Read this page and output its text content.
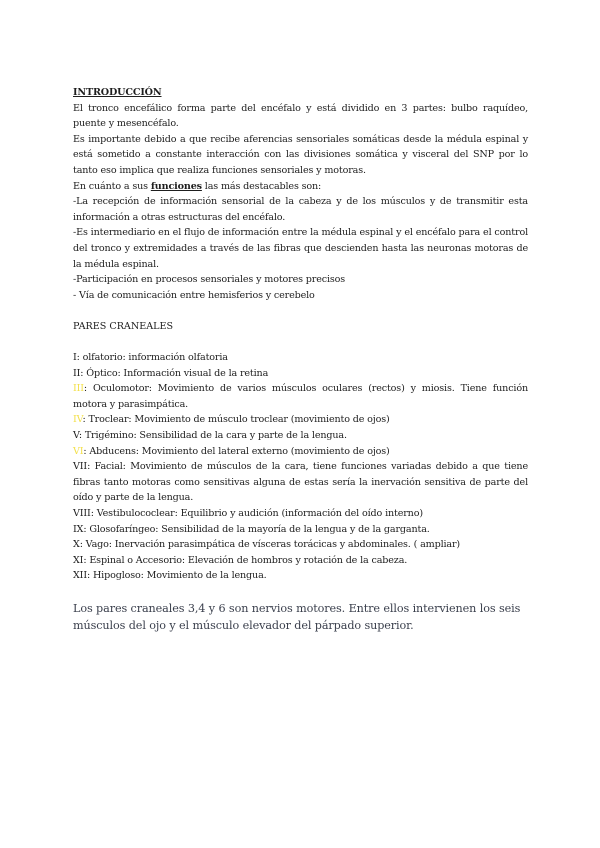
INTRODUCCIÓN

El tronco encefálico forma parte del encéfalo y está dividido en 3 partes: bulbo raquídeo, puente y mesencéfalo.

Es importante debido a que recibe aferencias sensoriales somáticas desde la médula espinal y está sometido a constante interacción con las divisiones somática y visceral del SNP por lo tanto eso implica que realiza funciones sensoriales y motoras.

En cuánto a sus funciones las más destacables son:

-La recepción de información sensorial de la cabeza y de los músculos y de transmitir esta información a otras estructuras del encéfalo.

-Es intermediario en el flujo de información entre la médula espinal y el encéfalo para el control del tronco y extremidades a través de las fibras que descienden hasta las neuronas motoras de la médula espinal.

-Participación en procesos sensoriales y motores precisos

- Vía de comunicación entre hemisferios y cerebelo

PARES CRANEALES

I: olfatorio: información olfatoria

II: Óptico: Información visual de la retina

III: Oculomotor: Movimiento de varios músculos oculares (rectos) y miosis. Tiene función motora y parasimpática.

IV: Troclear: Movimiento de músculo troclear (movimiento de ojos)

V: Trigémino: Sensibilidad de la cara y parte de la lengua.

VI: Abducens: Movimiento del lateral externo (movimiento de ojos)

VII: Facial: Movimiento de músculos de la cara, tiene funciones variadas debido a que tiene fibras tanto motoras como sensitivas alguna de estas sería la inervación sensitiva de parte del oído y parte de la lengua.

VIII: Vestibulococlear: Equilibrio y audición (información del oído interno)

IX: Glosofaríngeo: Sensibilidad de la mayoría de la lengua y de la garganta.

X: Vago: Inervación parasimpática de vísceras torácicas y abdominales. ( ampliar)

XI: Espinal o Accesorio: Elevación de hombros y rotación de la cabeza.

XII: Hipogloso: Movimiento de la lengua.

Los pares craneales 3,4 y 6 son nervios motores. Entre ellos intervienen los seis músculos del ojo y el músculo elevador del párpado superior.
